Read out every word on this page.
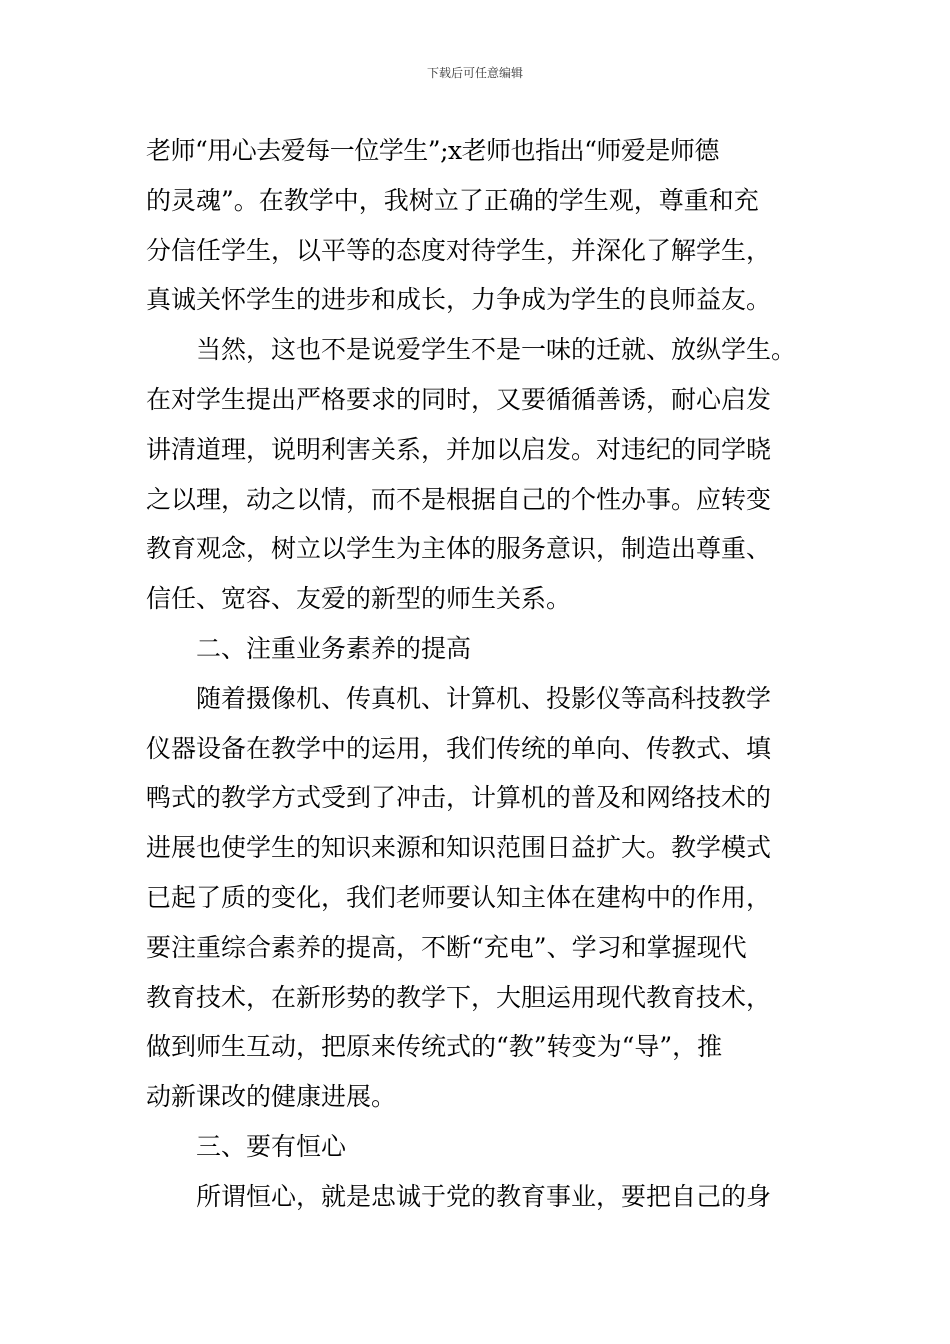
下载后可任意编辑
老师“用心去爱每一位学生”;x老师也指出“师爱是师德
的灵魂”。在教学中，我树立了正确的学生观，尊重和充
分信任学生，以平等的态度对待学生，并深化了解学生，
真诚关怀学生的进步和成长，力争成为学生的良师益友。
当然，这也不是说爱学生不是一味的迁就、放纵学生。
在对学生提出严格要求的同时，又要循循善诱，耐心启发
讲清道理，说明利害关系，并加以启发。对违纪的同学晓
之以理，动之以情，而不是根据自己的个性办事。应转变
教育观念，树立以学生为主体的服务意识，制造出尊重、
信任、宽容、友爱的新型的师生关系。
二、注重业务素养的提高
随着摄像机、传真机、计算机、投影仪等高科技教学
仪器设备在教学中的运用，我们传统的单向、传教式、填
鸭式的教学方式受到了冲击，计算机的普及和网络技术的
进展也使学生的知识来源和知识范围日益扩大。教学模式
已起了质的变化，我们老师要认知主体在建构中的作用，
要注重综合素养的提高，不断“充电”、学习和掌握现代
教育技术，在新形势的教学下，大胆运用现代教育技术，
做到师生互动，把原来传统式的“教”转变为“导”，推
动新课改的健康进展。
三、要有恒心
所谓恒心，就是忠诚于党的教育事业，要把自己的身
